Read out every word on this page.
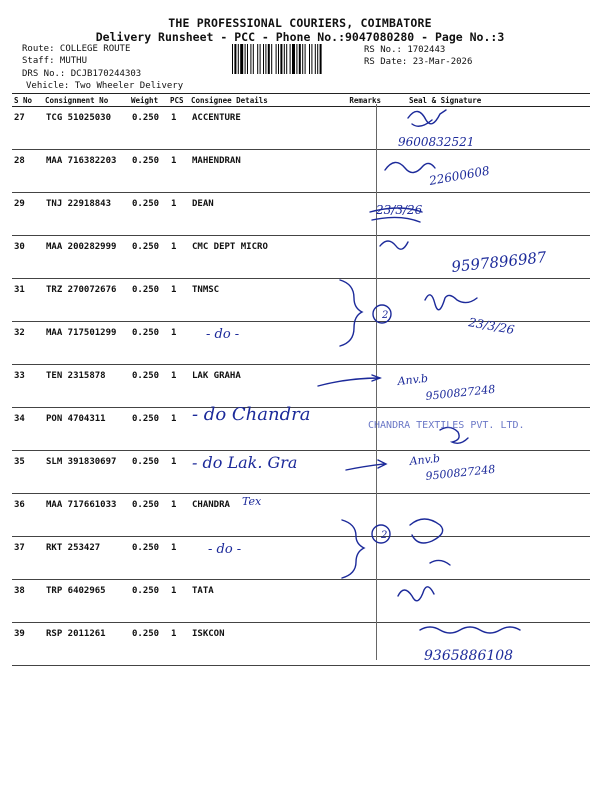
THE PROFESSIONAL COURIERS, COIMBATORE
Delivery Runsheet - PCC - Phone No.:9047080280 - Page No.:3
Route: COLLEGE ROUTE
Staff: MUTHU
DRS No.: DCJB170244303
Vehicle: Two Wheeler Delivery
RS No.: 1702443
RS Date: 23-Mar-2026
S No	Consignment No	Weight	PCS	Consignee Details	Remarks	Seal & Signature
27	TCG 51025030	0.250	1	ACCENTURE		
28	MAA 716382203	0.250	1	MAHENDRAN		
29	TNJ 22918843	0.250	1	DEAN		
30	MAA 200282999	0.250	1	CMC DEPT MICRO		
31	TRZ 270072676	0.250	1	TNMSC		
32	MAA 717501299	0.250	1			
33	TEN 2315878	0.250	1	LAK GRAHA		
34	PON 4704311	0.250	1			
35	SLM 391830697	0.250	1			
36	MAA 717661033	0.250	1	CHANDRA		
37	RKT 253427	0.250	1			
38	TRP 6402965	0.250	1	TATA		
39	RSP 2011261	0.250	1	ISKCON		
9600832521
22600608
23/3/26
9597896987
23/3/26
2
- do -
Anv.b
9500827248
- do Chandra
- do Lak. Gra	Anv.b
9500827248
Tex
2
- do -
9365886108
CHANDRA TEXTILES PVT. LTD.
